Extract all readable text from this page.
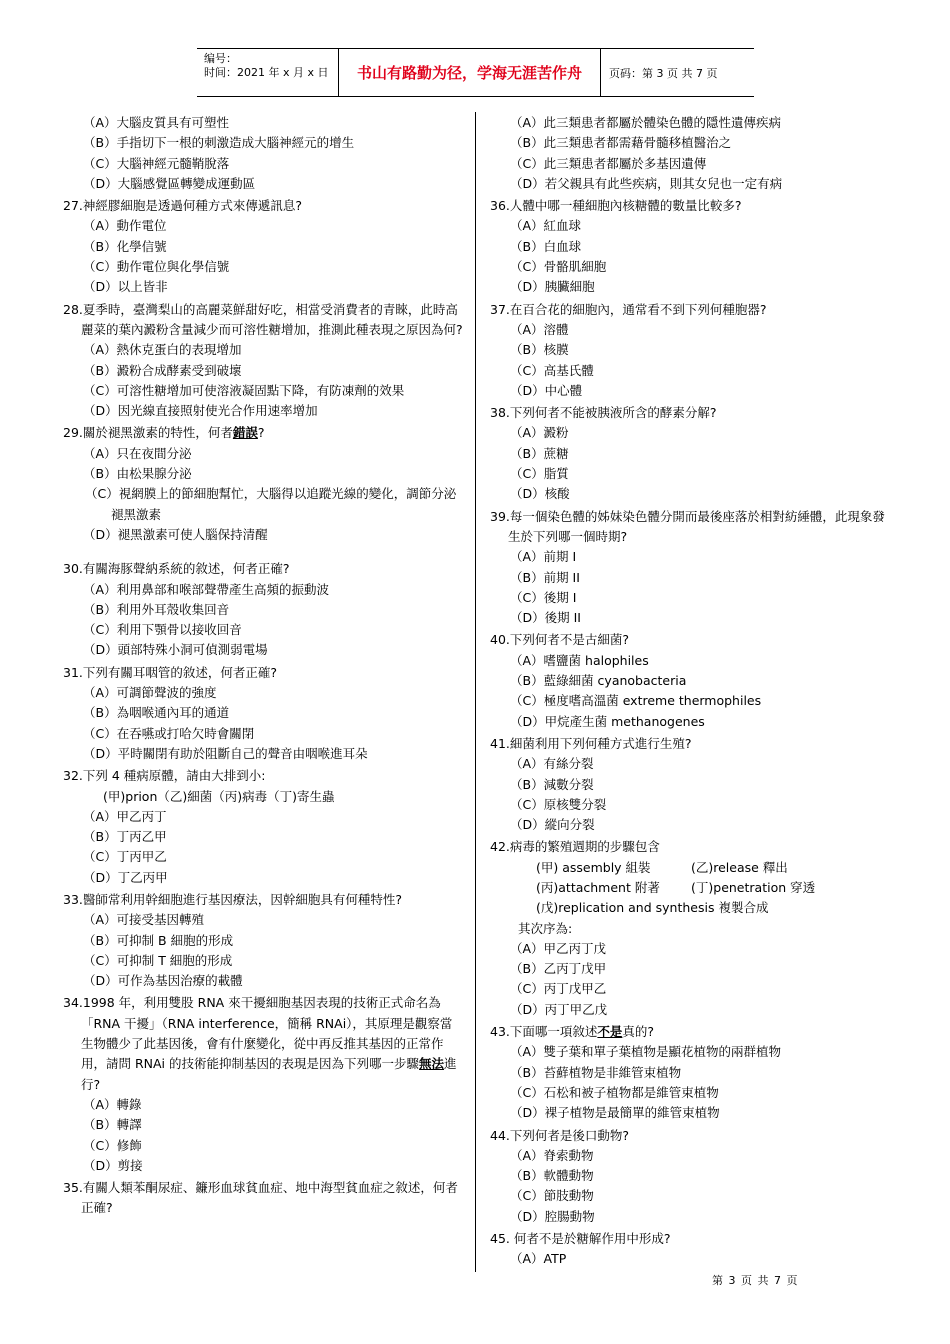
编号：
时间：2021 年 x 月 x 日	书山有路勤为径，学海无涯苦作舟	页码：第 3 页 共 7 页
（A）大腦皮質具有可塑性
（B）手指切下一根的刺激造成大腦神經元的增生
（C）大腦神經元髓鞘脫落
（D）大腦感覺區轉變成運動區
27.神經膠細胞是透過何種方式來傳遞訊息?
（A）動作電位
（B）化學信號
（C）動作電位與化學信號
（D）以上皆非
28.夏季時，臺灣梨山的高麗菜鮮甜好吃，相當受消費者的青睞，此時高麗菜的葉內澱粉含量減少而可溶性糖增加，推測此種表現之原因為何?
（A）熱休克蛋白的表現增加
（B）澱粉合成酵素受到破壞
（C）可溶性糖增加可使溶液凝固點下降，有防凍劑的效果
（D）因光線直接照射使光合作用速率增加
29.關於褪黑激素的特性，何者錯誤?
（A）只在夜間分泌
（B）由松果腺分泌
（C）視網膜上的節細胞幫忙，大腦得以追蹤光線的變化，調節分泌褪黑激素
（D）褪黑激素可使人腦保持清醒
30.有關海豚聲納系統的敘述，何者正確?
（A）利用鼻部和喉部聲帶產生高頻的振動波
（B）利用外耳殼收集回音
（C）利用下顎骨以接收回音
（D）頭部特殊小洞可偵測弱電場
31.下列有關耳咽管的敘述，何者正確?
（A）可調節聲波的強度
（B）為咽喉通內耳的通道
（C）在吞嚥或打哈欠時會關閉
（D）平時關閉有助於阻斷自己的聲音由咽喉進耳朵
32.下列 4 種病原體，請由大排到小:
(甲)prion（乙)細菌（丙)病毒（丁)寄生蟲
（A）甲乙丙丁
（B）丁丙乙甲
（C）丁丙甲乙
（D）丁乙丙甲
33.醫師常利用幹細胞進行基因療法，因幹細胞具有何種特性?
（A）可接受基因轉殖
（B）可抑制 B 細胞的形成
（C）可抑制 T 細胞的形成
（D）可作為基因治療的載體
34.1998 年，利用雙股 RNA 來干擾細胞基因表現的技術正式命名為「RNA 干擾」（RNA interference，簡稱 RNAi），其原理是觀察當生物體少了此基因後，會有什麼變化，從中再反推其基因的正常作用，請問 RNAi 的技術能抑制基因的表現是因為下列哪一步驟無法進行?
（A）轉錄
（B）轉譯
（C）修飾
（D）剪接
35.有關人類苯酮尿症、鐮形血球貧血症、地中海型貧血症之敘述，何者正確?
（A）此三類患者都屬於體染色體的隱性遺傳疾病
（B）此三類患者都需藉骨髓移植醫治之
（C）此三類患者都屬於多基因遺傳
（D）若父親具有此些疾病，則其女兒也一定有病
36.人體中哪一種細胞內核糖體的數量比較多?
（A）紅血球
（B）白血球
（C）骨骼肌細胞
（D）胰臟細胞
37.在百合花的細胞內，通常看不到下列何種胞器?
（A）溶體
（B）核膜
（C）高基氏體
（D）中心體
38.下列何者不能被胰液所含的酵素分解?
（A）澱粉
（B）蔗糖
（C）脂質
（D）核酸
39.每一個染色體的姊妹染色體分開而最後座落於相對紡綞體，此現象發生於下列哪一個時期?
（A）前期 I
（B）前期 II
（C）後期 I
（D）後期 II
40.下列何者不是古細菌?
（A）嗜鹽菌 halophiles
（B）藍綠細菌 cyanobacteria
（C）極度嗜高溫菌 extreme thermophiles
（D）甲烷產生菌 methanogenes
41.細菌利用下列何種方式進行生殖?
（A）有絲分裂
（B）減數分裂
（C）原核雙分裂
（D）縱向分裂
42.病毒的繁殖週期的步驟包含
(甲) assembly 組裝	(乙)release 釋出
(丙)attachment 附著 (丁)penetration 穿透
(戊)replication and synthesis 複製合成
其次序為:
（A）甲乙丙丁戊
（B）乙丙丁戊甲
（C）丙丁戊甲乙
（D）丙丁甲乙戊
43.下面哪一項敘述不是真的?
（A）雙子葉和單子葉植物是顯花植物的兩群植物
（B）苔蘚植物是非維管束植物
（C）石松和被子植物都是維管束植物
（D）裸子植物是最簡單的維管束植物
44.下列何者是後口動物?
（A）脊索動物
（B）軟體動物
（C）節肢動物
（D）腔腸動物
45. 何者不是於糖解作用中形成?
（A）ATP
第 3 页 共 7 页
